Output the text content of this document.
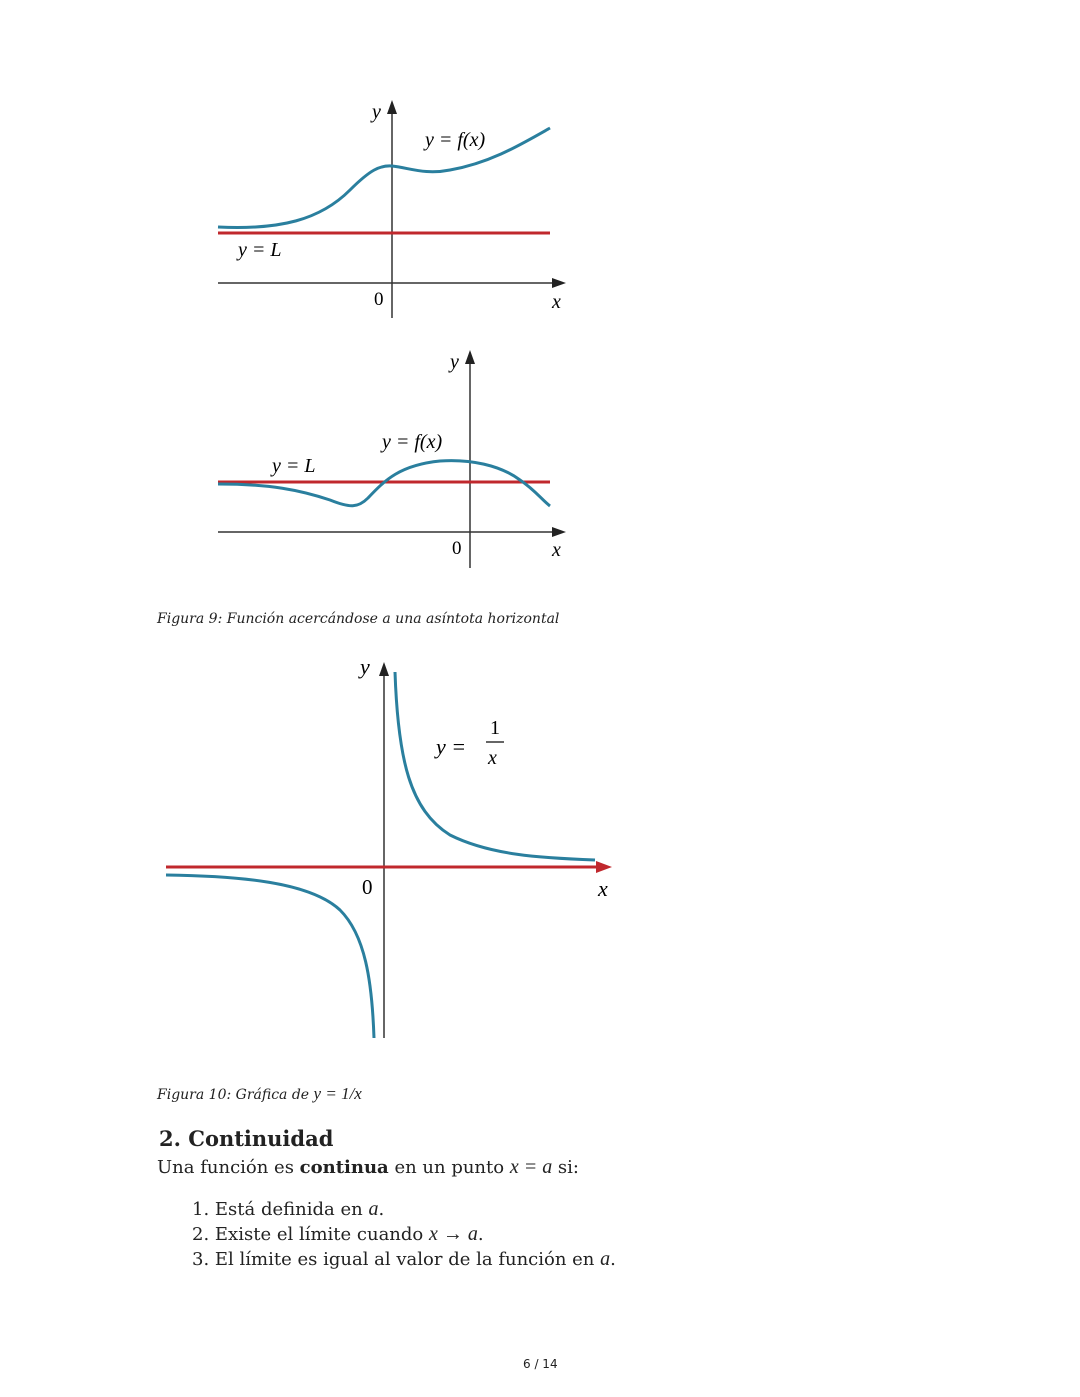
y
x
0
y = f(x)
y = L
y
x
0
y = f(x)
y = L
Figura 9: Función acercándose a una asíntota horizontal
y
x
0
y =
1
x
Figura 10: Gráfica de y = 1/x
2. Continuidad
Una función es continua en un punto x = a si:
1. Está definida en a.
2. Existe el límite cuando x → a.
3. El límite es igual al valor de la función en a.
6 / 14
